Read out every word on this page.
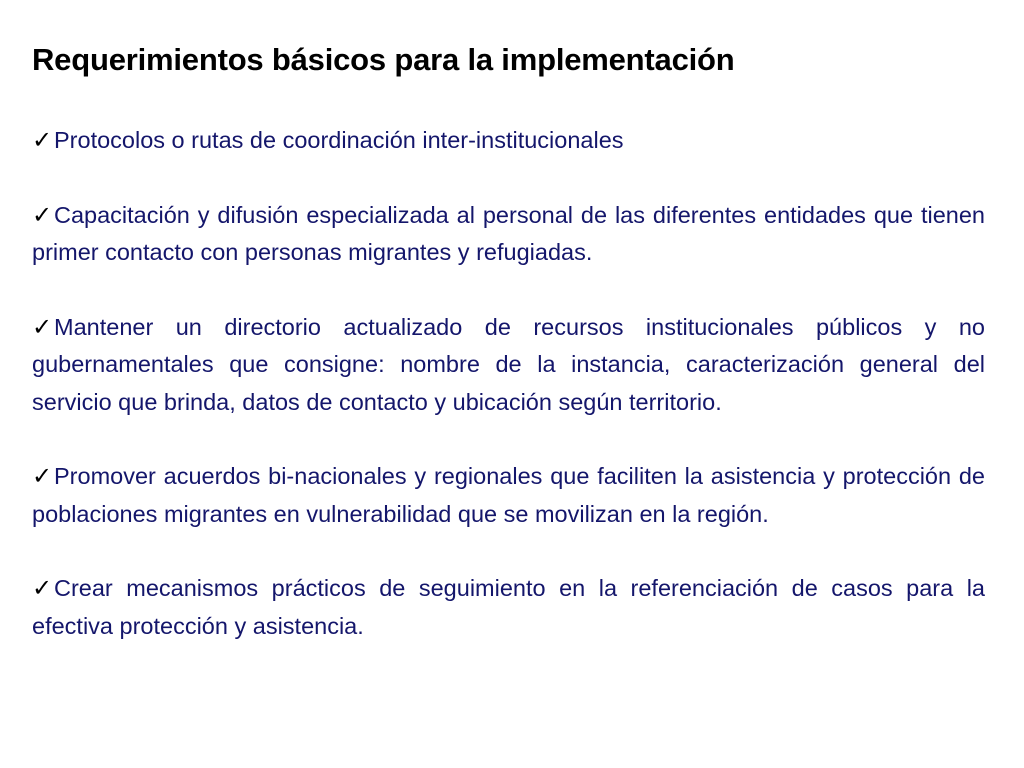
Requerimientos básicos para la implementación
✓Protocolos o rutas de coordinación inter-institucionales
✓Capacitación y difusión especializada al personal de las diferentes entidades que tienen primer contacto con personas migrantes y refugiadas.
✓Mantener un directorio actualizado de recursos institucionales públicos y no gubernamentales que consigne: nombre de la instancia, caracterización general del servicio que brinda, datos de contacto y ubicación según territorio.
✓Promover acuerdos bi-nacionales y regionales que faciliten la asistencia y protección de poblaciones migrantes en vulnerabilidad que se movilizan en la región.
✓Crear mecanismos prácticos de seguimiento en la referenciación de casos para la efectiva protección y asistencia.
